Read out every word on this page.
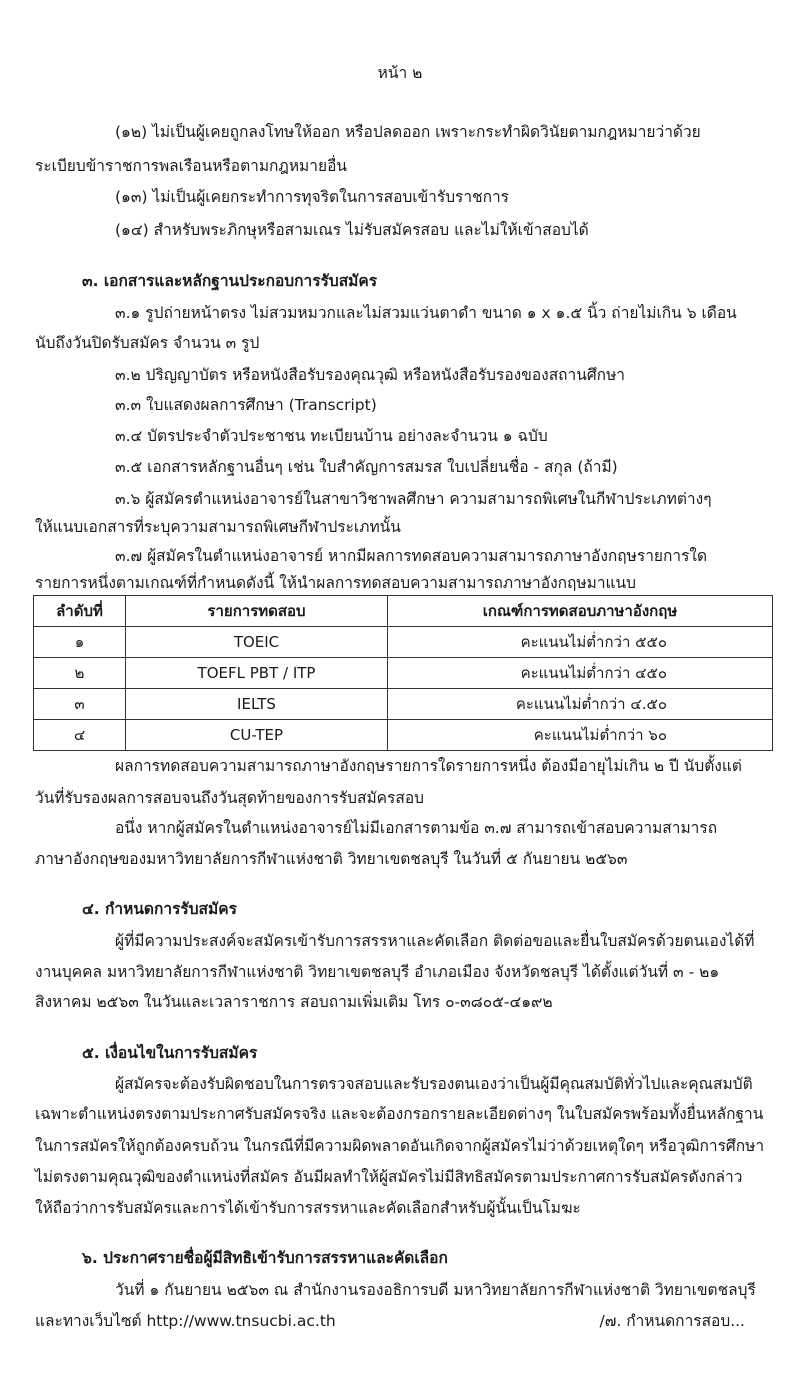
หน้า ๒
(๑๒) ไม่เป็นผู้เคยถูกลงโทษให้ออก หรือปลดออก เพราะกระทำผิดวินัยตามกฎหมายว่าด้วย
ระเบียบข้าราชการพลเรือนหรือตามกฎหมายอื่น
(๑๓) ไม่เป็นผู้เคยกระทำการทุจริตในการสอบเข้ารับราชการ
(๑๔) สำหรับพระภิกษุหรือสามเณร ไม่รับสมัครสอบ และไม่ให้เข้าสอบได้
๓. เอกสารและหลักฐานประกอบการรับสมัคร
๓.๑ รูปถ่ายหน้าตรง ไม่สวมหมวกและไม่สวมแว่นตาดำ ขนาด ๑ x ๑.๕ นิ้ว ถ่ายไม่เกิน ๖ เดือน
นับถึงวันปิดรับสมัคร จำนวน ๓ รูป
๓.๒ ปริญญาบัตร หรือหนังสือรับรองคุณวุฒิ หรือหนังสือรับรองของสถานศึกษา
๓.๓ ใบแสดงผลการศึกษา (Transcript)
๓.๔ บัตรประจำตัวประชาชน ทะเบียนบ้าน อย่างละจำนวน ๑ ฉบับ
๓.๕ เอกสารหลักฐานอื่นๆ เช่น ใบสำคัญการสมรส ใบเปลี่ยนชื่อ - สกุล (ถ้ามี)
๓.๖ ผู้สมัครตำแหน่งอาจารย์ในสาขาวิชาพลศึกษา ความสามารถพิเศษในกีฬาประเภทต่างๆ
ให้แนบเอกสารที่ระบุความสามารถพิเศษกีฬาประเภทนั้น
๓.๗ ผู้สมัครในตำแหน่งอาจารย์ หากมีผลการทดสอบความสามารถภาษาอังกฤษรายการใด
รายการหนึ่งตามเกณฑ์ที่กำหนดดังนี้ ให้นำผลการทดสอบความสามารถภาษาอังกฤษมาแนบ
ลำดับที่	รายการทดสอบ	เกณฑ์การทดสอบภาษาอังกฤษ
๑	TOEIC	คะแนนไม่ต่ำกว่า ๕๕๐
๒	TOEFL PBT / ITP	คะแนนไม่ต่ำกว่า ๔๕๐
๓	IELTS	คะแนนไม่ต่ำกว่า ๔.๕๐
๔	CU-TEP	คะแนนไม่ต่ำกว่า ๖๐
ผลการทดสอบความสามารถภาษาอังกฤษรายการใดรายการหนึ่ง ต้องมีอายุไม่เกิน ๒ ปี นับตั้งแต่
วันที่รับรองผลการสอบจนถึงวันสุดท้ายของการรับสมัครสอบ
อนึ่ง หากผู้สมัครในตำแหน่งอาจารย์ไม่มีเอกสารตามข้อ ๓.๗ สามารถเข้าสอบความสามารถ
ภาษาอังกฤษของมหาวิทยาลัยการกีฬาแห่งชาติ วิทยาเขตชลบุรี ในวันที่ ๕ กันยายน ๒๕๖๓
๔. กำหนดการรับสมัคร
ผู้ที่มีความประสงค์จะสมัครเข้ารับการสรรหาและคัดเลือก ติดต่อขอและยื่นใบสมัครด้วยตนเองได้ที่
งานบุคคล มหาวิทยาลัยการกีฬาแห่งชาติ วิทยาเขตชลบุรี อำเภอเมือง จังหวัดชลบุรี ได้ตั้งแต่วันที่ ๓ - ๒๑
สิงหาคม ๒๕๖๓ ในวันและเวลาราชการ สอบถามเพิ่มเติม โทร ๐-๓๘๐๕-๔๑๙๒
๕. เงื่อนไขในการรับสมัคร
ผู้สมัครจะต้องรับผิดชอบในการตรวจสอบและรับรองตนเองว่าเป็นผู้มีคุณสมบัติทั่วไปและคุณสมบัติ
เฉพาะตำแหน่งตรงตามประกาศรับสมัครจริง และจะต้องกรอกรายละเอียดต่างๆ ในใบสมัครพร้อมทั้งยื่นหลักฐาน
ในการสมัครให้ถูกต้องครบถ้วน ในกรณีที่มีความผิดพลาดอันเกิดจากผู้สมัครไม่ว่าด้วยเหตุใดๆ หรือวุฒิการศึกษา
ไม่ตรงตามคุณวุฒิของตำแหน่งที่สมัคร อันมีผลทำให้ผู้สมัครไม่มีสิทธิสมัครตามประกาศการรับสมัครดังกล่าว
ให้ถือว่าการรับสมัครและการได้เข้ารับการสรรหาและคัดเลือกสำหรับผู้นั้นเป็นโมฆะ
๖. ประกาศรายชื่อผู้มีสิทธิเข้ารับการสรรหาและคัดเลือก
วันที่ ๑ กันยายน ๒๕๖๓ ณ สำนักงานรองอธิการบดี มหาวิทยาลัยการกีฬาแห่งชาติ วิทยาเขตชลบุรี
และทางเว็บไซต์ http://www.tnsucbi.ac.th	/๗. กำหนดการสอบ...
